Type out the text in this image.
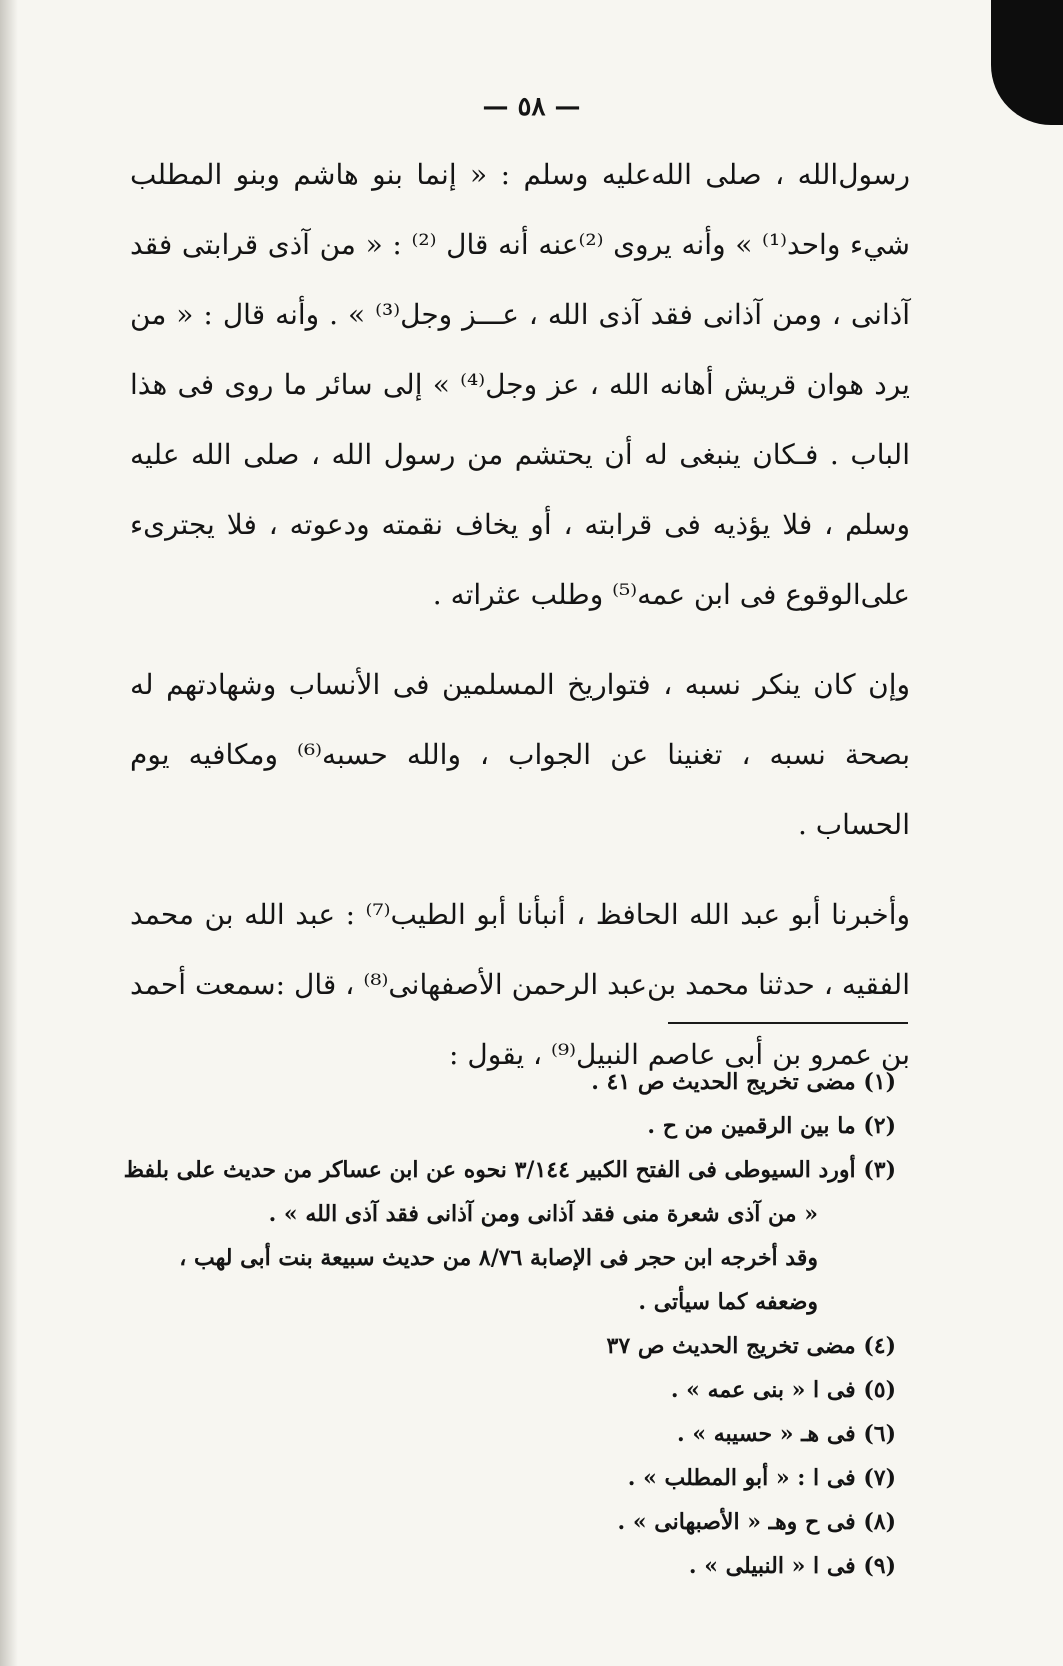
— ٥٨ —

رسول‌الله ، صلى الله‌عليه وسلم : « إنما بنو هاشم وبنو المطلب شيء واحد⁽¹⁾ » وأنه يروى ⁽²⁾عنه أنه قال ⁽²⁾ : « من آذى قرابتى فقد آذانى ، ومن آذانى فقد آذى الله ، عـــز وجل⁽³⁾ » . وأنه قال : « من يرد هوان قريش أهانه الله ، عز وجل⁽⁴⁾ » إلى سائر ما روى فى هذا الباب . فـكان ينبغى له أن يحتشم من رسول الله ، صلى الله عليه وسلم ، فلا يؤذيه فى قرابته ، أو يخاف نقمته ودعوته ، فلا يجترىء على‌الوقوع فى ابن عمه⁽⁵⁾ وطلب عثراته .

وإن كان ينكر نسبه ، فتواريخ المسلمين فى الأنساب وشهادتهم له بصحة نسبه ، تغنينا عن الجواب ، والله حسبه⁽⁶⁾ ومكافيه يوم الحساب .

وأخبرنا أبو عبد الله الحافظ ، أنبأنا أبو الطيب⁽⁷⁾ : عبد الله بن محمد الفقيه ، حدثنا محمد بن‌عبد الرحمن الأصفهانى⁽⁸⁾ ، قال :سمعت أحمد بن عمرو بن أبى عاصم النبيل⁽⁹⁾ ، يقول :

(١) مضى تخريج الحديث ص ٤١ .

(٢) ما بين الرقمين من ح .

(٣) أورد السيوطى فى الفتح الكبير ٣/١٤٤ نحوه عن ابن عساكر من حديث على بلفظ

« من آذى شعرة منى فقد آذانى ومن آذانى فقد آذى الله » .

وقد أخرجه ابن حجر فى الإصابة ٨/٧٦ من حديث سبيعة بنت أبى لهب ،

وضعفه كما سيأتى .

(٤) مضى تخريج الحديث ص ٣٧

(٥) فى ا « بنى عمه » .

(٦) فى هـ « حسيبه » .

(٧) فى ا : « أبو المطلب » .

(٨) فى ح وهـ « الأصبهانى » .

(٩) فى ا « النبيلى » .
